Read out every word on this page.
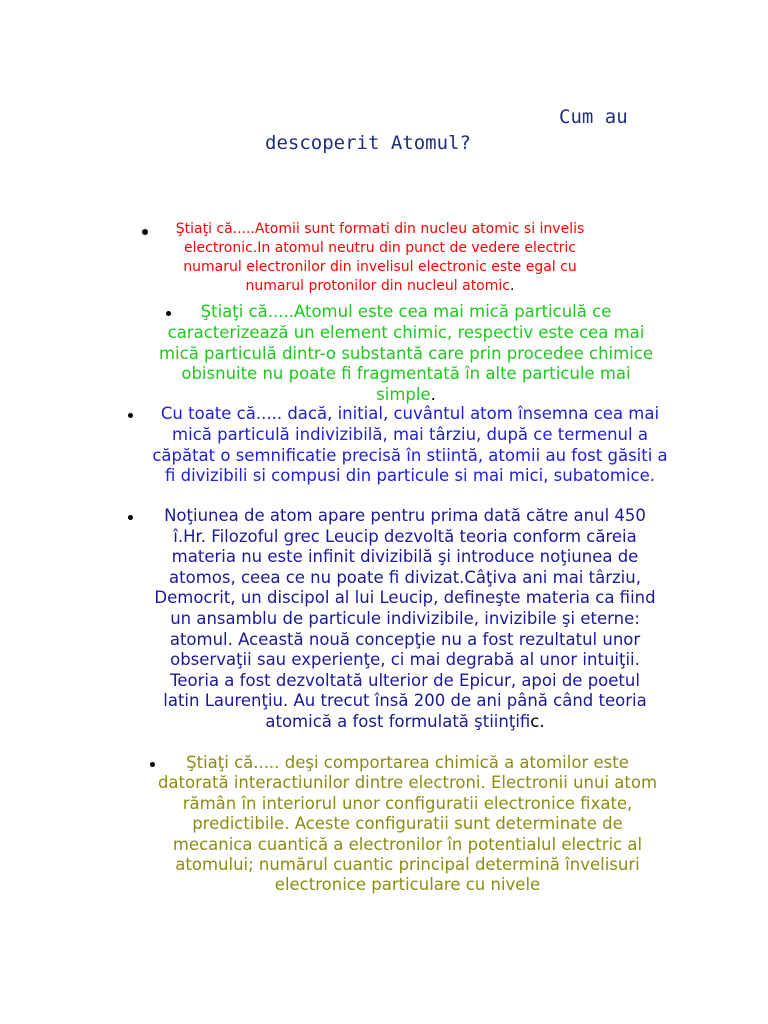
Cum au
descoperit Atomul?

Ştiaţi că.....Atomii sunt formati din nucleu atomic si invelis electronic.In atomul neutru din punct de vedere electric numarul electronilor din invelisul electronic este egal cu numarul protonilor din nucleul atomic.

Ştiaţi că.....Atomul este cea mai mică particulă ce caracterizează un element chimic, respectiv este cea mai mică particulă dintr-o substantă care prin procedee chimice obisnuite nu poate fi fragmentată în alte particule mai simple.

Cu toate că..... dacă, initial, cuvântul atom însemna cea mai mică particulă indivizibilă, mai târziu, după ce termenul a căpătat o semnificatie precisă în stiintă, atomii au fost găsiti a fi divizibili si compusi din particule si mai mici, subatomice.

Noţiunea de atom apare pentru prima dată către anul 450 î.Hr. Filozoful grec Leucip dezvoltă teoria conform căreia materia nu este infinit divizibilă şi introduce noţiunea de atomos, ceea ce nu poate fi divizat.Câţiva ani mai târziu, Democrit, un discipol al lui Leucip, defineşte materia ca fiind un ansamblu de particule indivizibile, invizibile şi eterne: atomul. Această nouă concepţie nu a fost rezultatul unor observaţii sau experienţe, ci mai degrabă al unor intuiţii. Teoria a fost dezvoltată ulterior de Epicur, apoi de poetul latin Laurenţiu. Au trecut însă 200 de ani până când teoria atomică a fost formulată ştiinţific.

Ştiaţi că..... deşi comportarea chimică a atomilor este datorată interactiunilor dintre electroni. Electronii unui atom rămân în interiorul unor configuratii electronice fixate, predictibile. Aceste configuratii sunt determinate de mecanica cuantică a electronilor în potentialul electric al atomului; numărul cuantic principal determină învelisuri electronice particulare cu nivele
